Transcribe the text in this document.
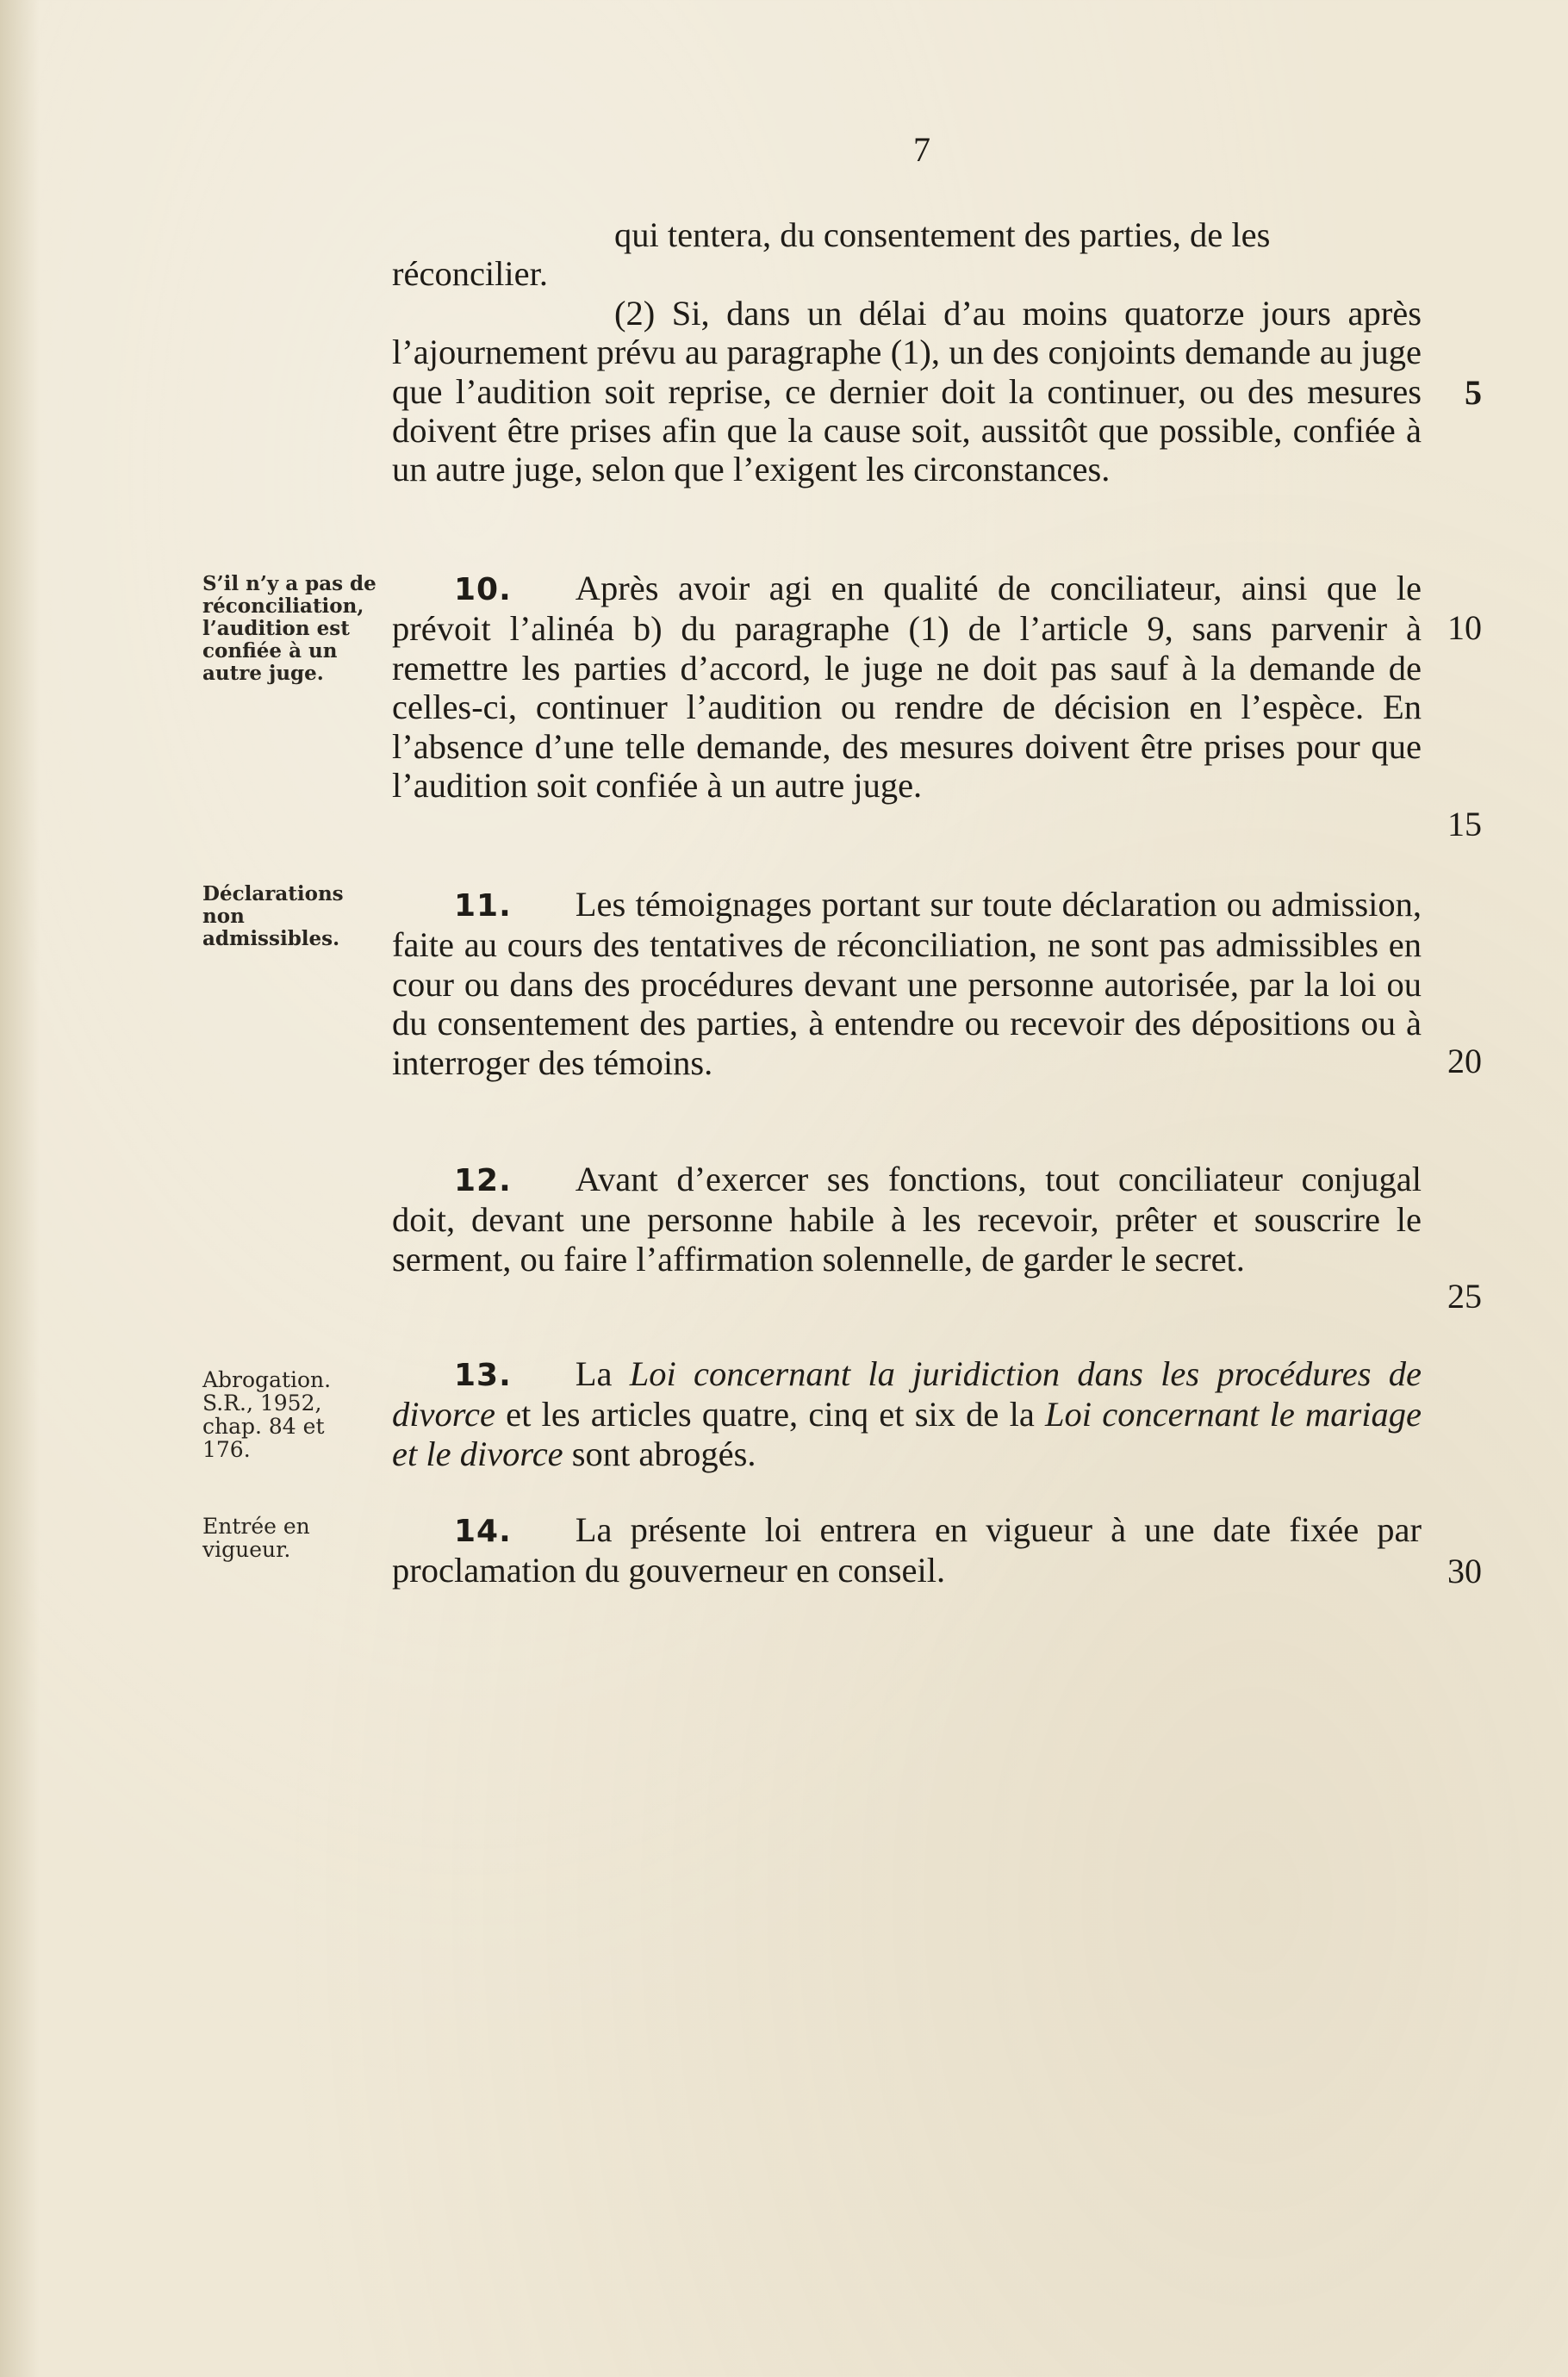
7

qui tentera, du consentement des parties, de les réconcilier.

(2) Si, dans un délai d’au moins quatorze jours après l’ajournement prévu au paragraphe (1), un des conjoints demande au juge que l’audition soit reprise, ce dernier doit la continuer, ou des mesures doivent être prises afin que la cause soit, aussitôt que possible, confiée à un autre juge, selon que l’exigent les circonstances.

S’il n’y a pas de réconciliation, l’audition est confiée à un autre juge.

10. Après avoir agi en qualité de conciliateur, ainsi que le prévoit l’alinéa b) du paragraphe (1) de l’article 9, sans parvenir à remettre les parties d’accord, le juge ne doit pas sauf à la demande de celles-ci, continuer l’audition ou rendre de décision en l’espèce. En l’absence d’une telle demande, des mesures doivent être prises pour que l’audition soit confiée à un autre juge.

Déclarations non admissibles.

11. Les témoignages portant sur toute déclaration ou admission, faite au cours des tentatives de réconciliation, ne sont pas admissibles en cour ou dans des procédures devant une personne autorisée, par la loi ou du consentement des parties, à entendre ou recevoir des dépositions ou à interroger des témoins.

12. Avant d’exercer ses fonctions, tout conciliateur conjugal doit, devant une personne habile à les recevoir, prêter et souscrire le serment, ou faire l’affirmation solennelle, de garder le secret.

Abrogation. S.R., 1952, chap. 84 et 176.

13. La Loi concernant la juridiction dans les procédures de divorce et les articles quatre, cinq et six de la Loi concernant le mariage et le divorce sont abrogés.

Entrée en vigueur.

14. La présente loi entrera en vigueur à une date fixée par proclamation du gouverneur en conseil.

5
10
15
20
25
30
